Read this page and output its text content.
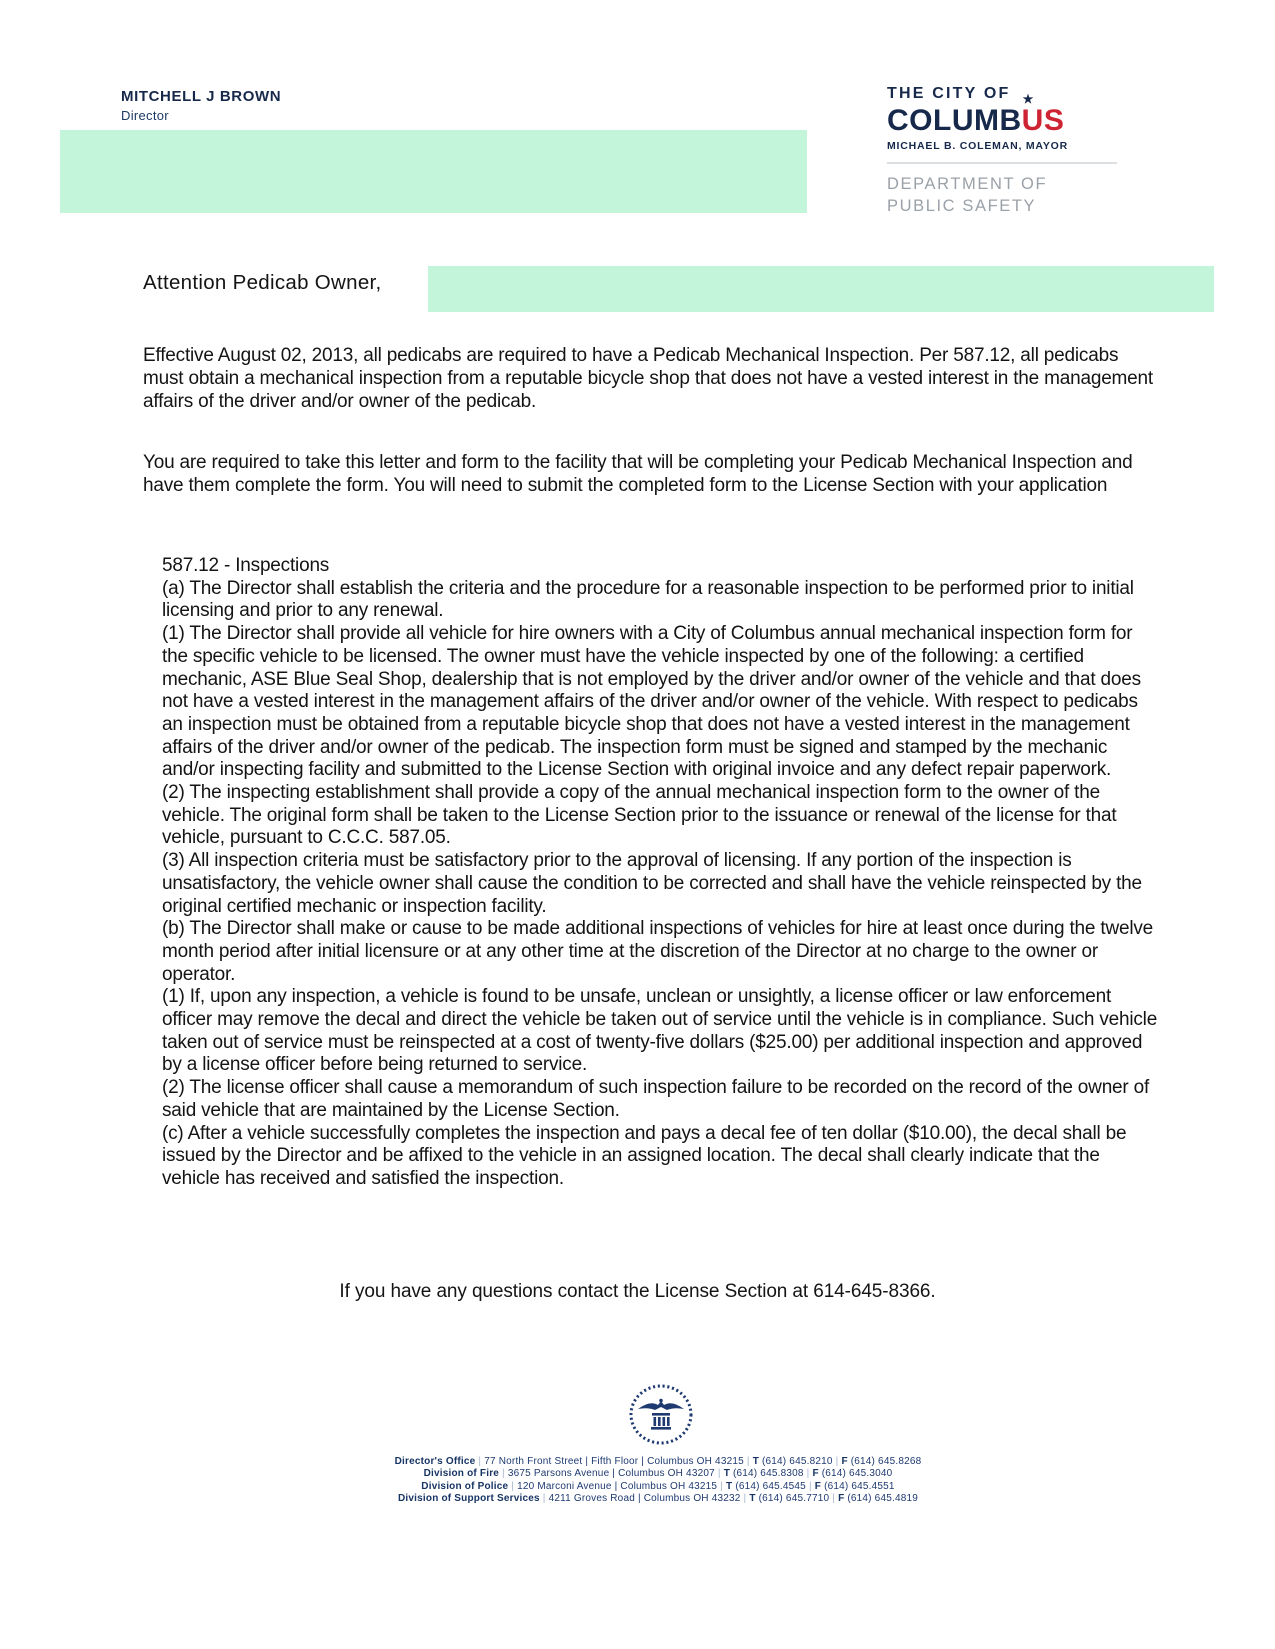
MITCHELL J BROWN
Director
THE CITY OF
COLUMB
★
US
MICHAEL B. COLEMAN, MAYOR
DEPARTMENT OF
PUBLIC SAFETY
Attention Pedicab Owner,
Effective August 02, 2013, all pedicabs are required to have a Pedicab Mechanical Inspection. Per 587.12, all pedicabs must obtain a mechanical inspection from a reputable bicycle shop that does not have a vested interest in the management affairs of the driver and/or owner of the pedicab.
You are required to take this letter and form to the facility that will be completing your Pedicab Mechanical Inspection and have them complete the form. You will need to submit the completed form to the License Section with your application
587.12 - Inspections
(a) The Director shall establish the criteria and the procedure for a reasonable inspection to be performed prior to initial licensing and prior to any renewal.
(1) The Director shall provide all vehicle for hire owners with a City of Columbus annual mechanical inspection form for the specific vehicle to be licensed. The owner must have the vehicle inspected by one of the following: a certified mechanic, ASE Blue Seal Shop, dealership that is not employed by the driver and/or owner of the vehicle and that does not have a vested interest in the management affairs of the driver and/or owner of the vehicle. With respect to pedicabs an inspection must be obtained from a reputable bicycle shop that does not have a vested interest in the management affairs of the driver and/or owner of the pedicab. The inspection form must be signed and stamped by the mechanic and/or inspecting facility and submitted to the License Section with original invoice and any defect repair paperwork.
(2) The inspecting establishment shall provide a copy of the annual mechanical inspection form to the owner of the vehicle. The original form shall be taken to the License Section prior to the issuance or renewal of the license for that vehicle, pursuant to C.C.C. 587.05.
(3) All inspection criteria must be satisfactory prior to the approval of licensing. If any portion of the inspection is unsatisfactory, the vehicle owner shall cause the condition to be corrected and shall have the vehicle reinspected by the original certified mechanic or inspection facility.
(b) The Director shall make or cause to be made additional inspections of vehicles for hire at least once during the twelve month period after initial licensure or at any other time at the discretion of the Director at no charge to the owner or operator.
(1) If, upon any inspection, a vehicle is found to be unsafe, unclean or unsightly, a license officer or law enforcement officer may remove the decal and direct the vehicle be taken out of service until the vehicle is in compliance. Such vehicle taken out of service must be reinspected at a cost of twenty-five dollars ($25.00) per additional inspection and approved by a license officer before being returned to service.
(2) The license officer shall cause a memorandum of such inspection failure to be recorded on the record of the owner of said vehicle that are maintained by the License Section.
(c) After a vehicle successfully completes the inspection and pays a decal fee of ten dollar ($10.00), the decal shall be issued by the Director and be affixed to the vehicle in an assigned location. The decal shall clearly indicate that the vehicle has received and satisfied the inspection.
If you have any questions contact the License Section at 614-645-8366.
Director's Office | 77 North Front Street | Fifth Floor | Columbus OH 43215 | T (614) 645.8210 | F (614) 645.8268
Division of Fire | 3675 Parsons Avenue | Columbus OH 43207 | T (614) 645.8308 | F (614) 645.3040
Division of Police | 120 Marconi Avenue | Columbus OH 43215 | T (614) 645.4545 | F (614) 645.4551
Division of Support Services | 4211 Groves Road | Columbus OH 43232 | T (614) 645.7710 | F (614) 645.4819
